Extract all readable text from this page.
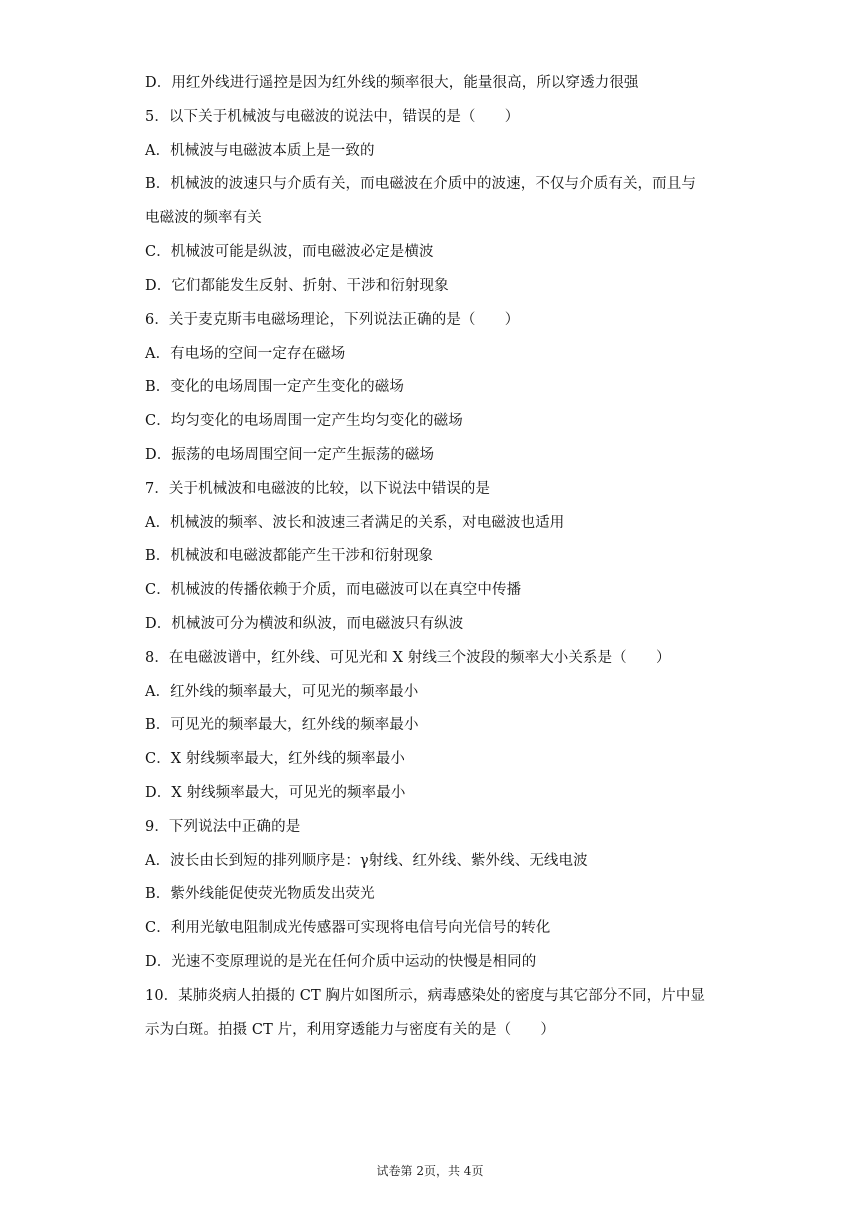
D．用红外线进行遥控是因为红外线的频率很大，能量很高，所以穿透力很强
5．以下关于机械波与电磁波的说法中，错误的是（　　）
A．机械波与电磁波本质上是一致的
B．机械波的波速只与介质有关，而电磁波在介质中的波速，不仅与介质有关，而且与
电磁波的频率有关
C．机械波可能是纵波，而电磁波必定是横波
D．它们都能发生反射、折射、干涉和衍射现象
6．关于麦克斯韦电磁场理论，下列说法正确的是（　　）
A．有电场的空间一定存在磁场
B．变化的电场周围一定产生变化的磁场
C．均匀变化的电场周围一定产生均匀变化的磁场
D．振荡的电场周围空间一定产生振荡的磁场
7．关于机械波和电磁波的比较，以下说法中错误的是
A．机械波的频率、波长和波速三者满足的关系，对电磁波也适用
B．机械波和电磁波都能产生干涉和衍射现象
C．机械波的传播依赖于介质，而电磁波可以在真空中传播
D．机械波可分为横波和纵波，而电磁波只有纵波
8．在电磁波谱中，红外线、可见光和 X 射线三个波段的频率大小关系是（　　）
A．红外线的频率最大，可见光的频率最小
B．可见光的频率最大，红外线的频率最小
C．X 射线频率最大，红外线的频率最小
D．X 射线频率最大，可见光的频率最小
9．下列说法中正确的是
A．波长由长到短的排列顺序是：γ射线、红外线、紫外线、无线电波
B．紫外线能促使荧光物质发出荧光
C．利用光敏电阻制成光传感器可实现将电信号向光信号的转化
D．光速不变原理说的是光在任何介质中运动的快慢是相同的
10．某肺炎病人拍摄的 CT 胸片如图所示，病毒感染处的密度与其它部分不同，片中显
示为白斑。拍摄 CT 片，利用穿透能力与密度有关的是（　　）
试卷第 2页，共 4页
